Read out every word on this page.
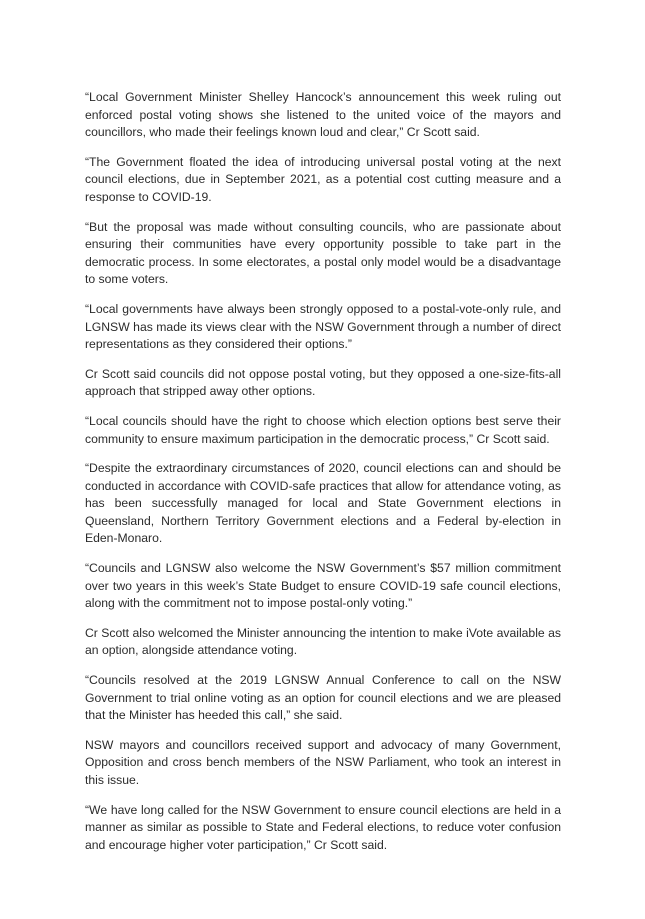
“Local Government Minister Shelley Hancock’s announcement this week ruling out enforced postal voting shows she listened to the united voice of the mayors and councillors, who made their feelings known loud and clear,” Cr Scott said.

“The Government floated the idea of introducing universal postal voting at the next council elections, due in September 2021, as a potential cost cutting measure and a response to COVID-19.

“But the proposal was made without consulting councils, who are passionate about ensuring their communities have every opportunity possible to take part in the democratic process. In some electorates, a postal only model would be a disadvantage to some voters.

“Local governments have always been strongly opposed to a postal-vote-only rule, and LGNSW has made its views clear with the NSW Government through a number of direct representations as they considered their options.”

Cr Scott said councils did not oppose postal voting, but they opposed a one-size-fits-all approach that stripped away other options.

“Local councils should have the right to choose which election options best serve their community to ensure maximum participation in the democratic process,” Cr Scott said.

“Despite the extraordinary circumstances of 2020, council elections can and should be conducted in accordance with COVID-safe practices that allow for attendance voting, as has been successfully managed for local and State Government elections in Queensland, Northern Territory Government elections and a Federal by-election in Eden-Monaro.

“Councils and LGNSW also welcome the NSW Government’s $57 million commitment over two years in this week’s State Budget to ensure COVID-19 safe council elections, along with the commitment not to impose postal-only voting.”

Cr Scott also welcomed the Minister announcing the intention to make iVote available as an option, alongside attendance voting.

“Councils resolved at the 2019 LGNSW Annual Conference to call on the NSW Government to trial online voting as an option for council elections and we are pleased that the Minister has heeded this call,” she said.

NSW mayors and councillors received support and advocacy of many Government, Opposition and cross bench members of the NSW Parliament, who took an interest in this issue.

“We have long called for the NSW Government to ensure council elections are held in a manner as similar as possible to State and Federal elections, to reduce voter confusion and encourage higher voter participation,” Cr Scott said.
